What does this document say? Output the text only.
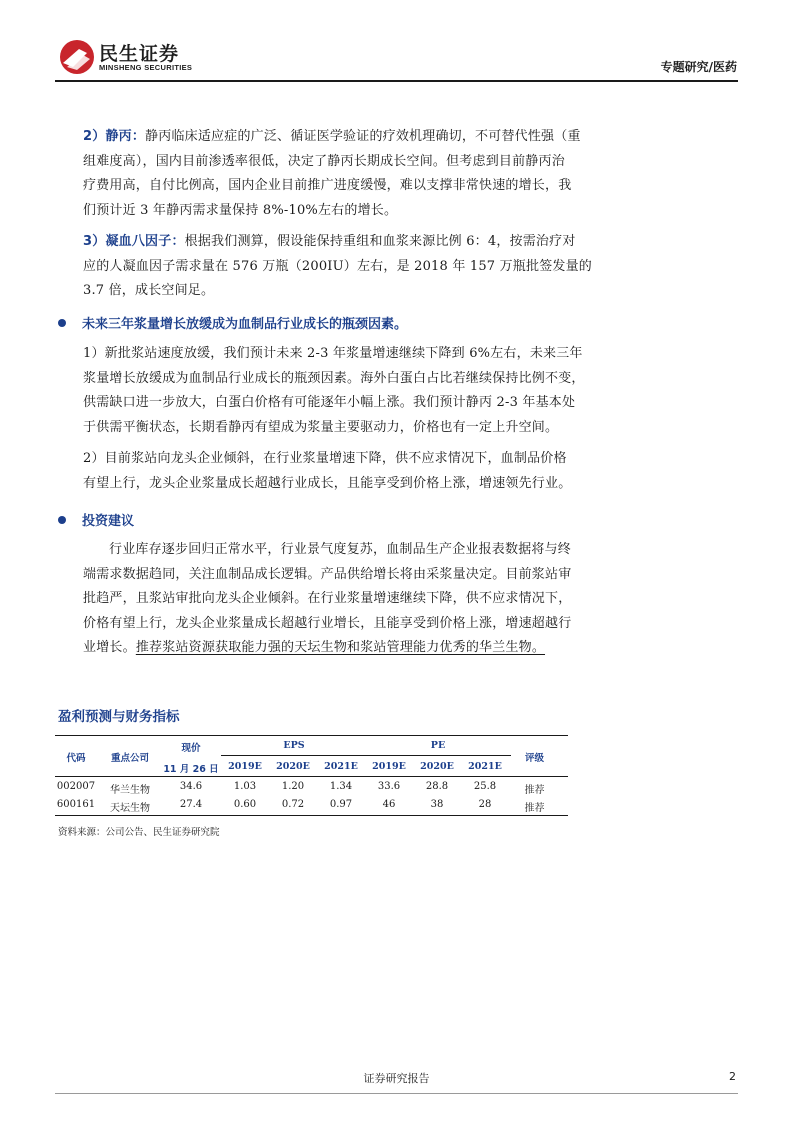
民生证券
MINSHENG SECURITIES	专题研究/医药
2）静丙：静丙临床适应症的广泛、循证医学验证的疗效机理确切，不可替代性强（重
组难度高），国内目前渗透率很低，决定了静丙长期成长空间。但考虑到目前静丙治
疗费用高，自付比例高，国内企业目前推广进度缓慢，难以支撑非常快速的增长，我
们预计近 3 年静丙需求量保持 8%-10%左右的增长。
3）凝血八因子：根据我们测算，假设能保持重组和血浆来源比例 6：4，按需治疗对
应的人凝血因子需求量在 576 万瓶（200IU）左右，是 2018 年 157 万瓶批签发量的
3.7 倍，成长空间足。
未来三年浆量增长放缓成为血制品行业成长的瓶颈因素。
1）新批浆站速度放缓，我们预计未来 2-3 年浆量增速继续下降到 6%左右，未来三年
浆量增长放缓成为血制品行业成长的瓶颈因素。海外白蛋白占比若继续保持比例不变，
供需缺口进一步放大，白蛋白价格有可能逐年小幅上涨。我们预计静丙 2-3 年基本处
于供需平衡状态，长期看静丙有望成为浆量主要驱动力，价格也有一定上升空间。
2）目前浆站向龙头企业倾斜，在行业浆量增速下降，供不应求情况下，血制品价格
有望上行，龙头企业浆量成长超越行业成长，且能享受到价格上涨，增速领先行业。
投资建议
行业库存逐步回归正常水平，行业景气度复苏，血制品生产企业报表数据将与终
端需求数据趋同，关注血制品成长逻辑。产品供给增长将由采浆量决定。目前浆站审
批趋严，且浆站审批向龙头企业倾斜。在行业浆量增速继续下降，供不应求情况下，
价格有望上行，龙头企业浆量成长超越行业增长，且能享受到价格上涨，增速超越行
业增长。推荐浆站资源获取能力强的天坛生物和浆站管理能力优秀的华兰生物。
盈利预测与财务指标
代码	重点公司
现价
11 月 26 日
EPS	PE
评级
2019E	2020E	2021E	2019E	2020E	2021E
002007	华兰生物	34.6	1.03	1.20	1.34	33.6	28.8	25.8	推荐
600161	天坛生物	27.4	0.60	0.72	0.97	46	38	28	推荐
资料来源：公司公告、民生证券研究院
证券研究报告	2
